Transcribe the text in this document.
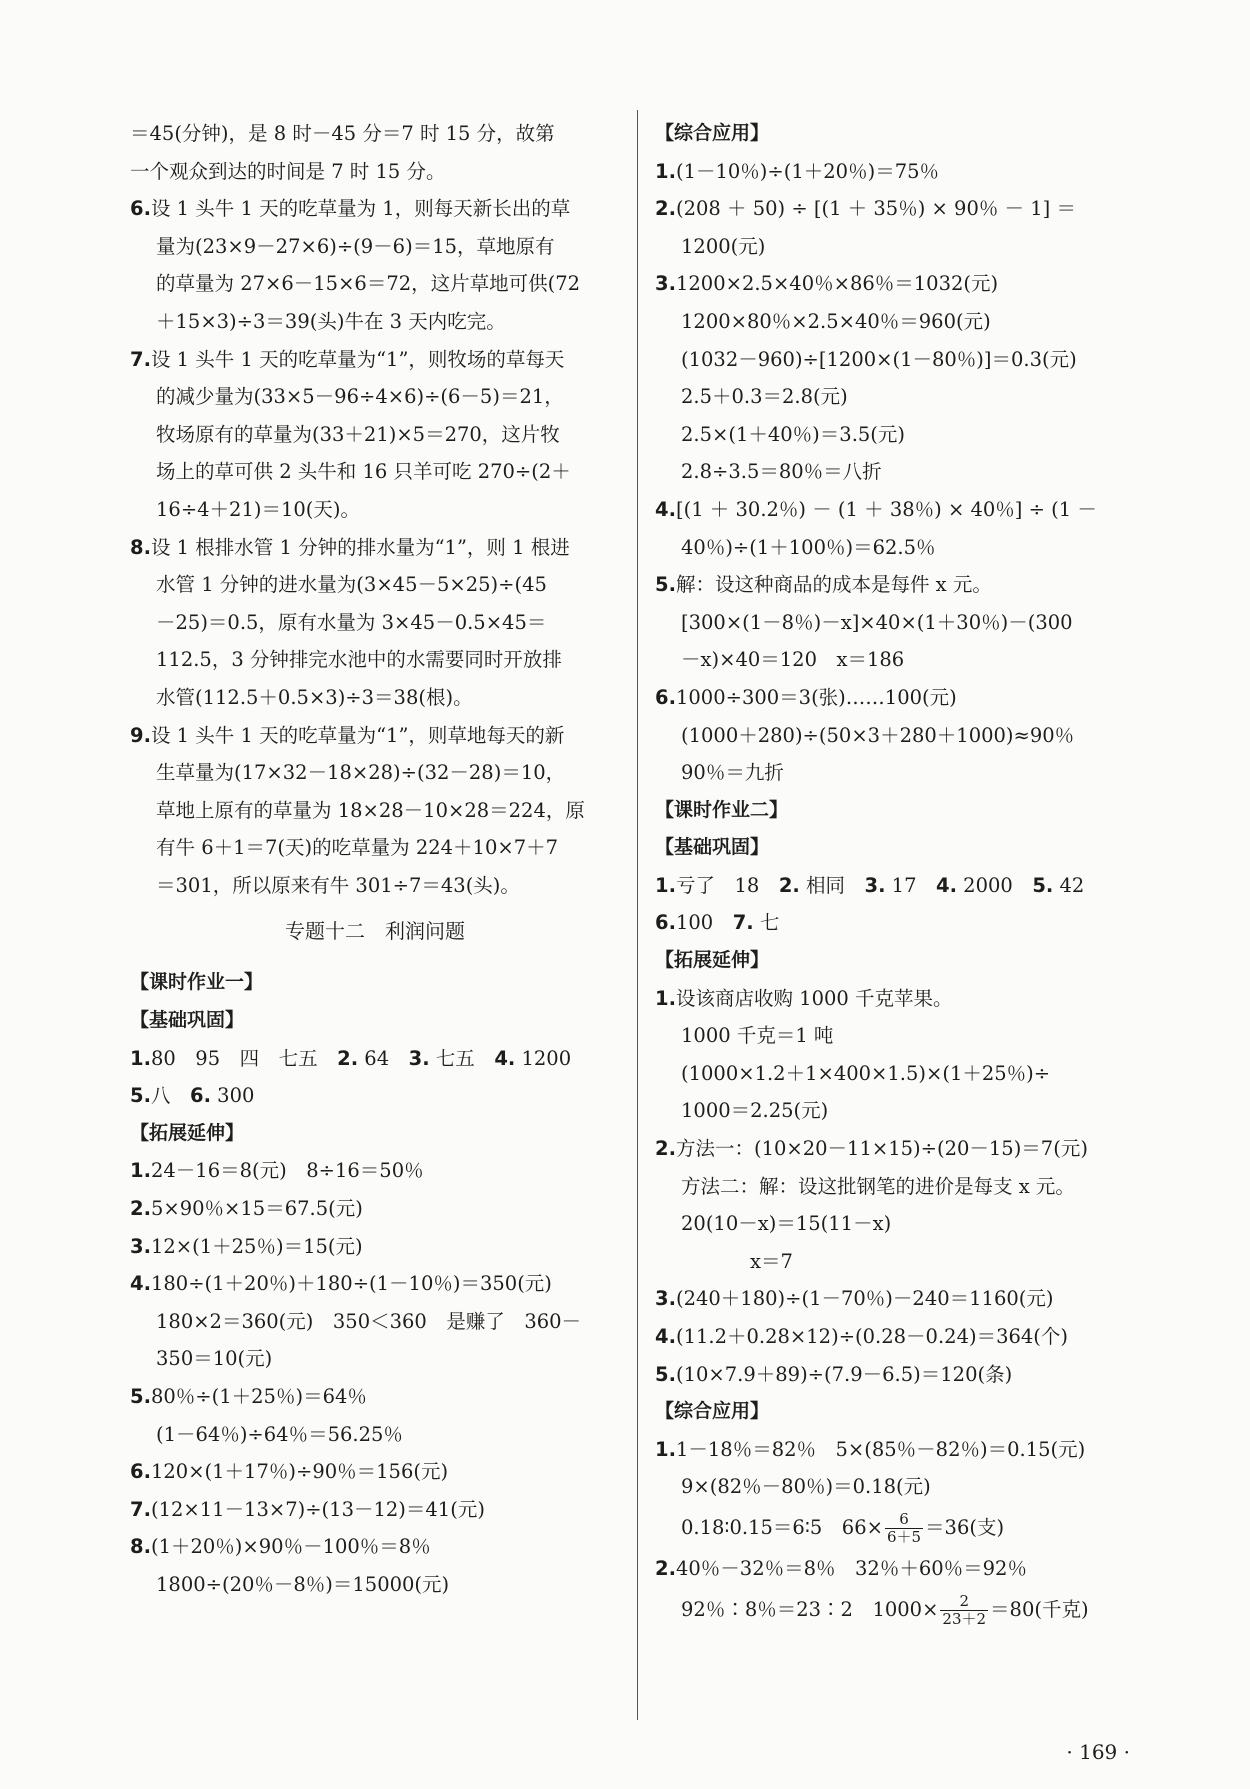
＝45(分钟)，是 8 时－45 分＝7 时 15 分，故第
一个观众到达的时间是 7 时 15 分。
6.设 1 头牛 1 天的吃草量为 1，则每天新长出的草
量为(23×9－27×6)÷(9－6)＝15，草地原有
的草量为 27×6－15×6＝72，这片草地可供(72
＋15×3)÷3＝39(头)牛在 3 天内吃完。
7.设 1 头牛 1 天的吃草量为“1”，则牧场的草每天
的减少量为(33×5－96÷4×6)÷(6－5)＝21，
牧场原有的草量为(33＋21)×5＝270，这片牧
场上的草可供 2 头牛和 16 只羊可吃 270÷(2＋
16÷4＋21)＝10(天)。
8.设 1 根排水管 1 分钟的排水量为“1”，则 1 根进
水管 1 分钟的进水量为(3×45－5×25)÷(45
－25)＝0.5，原有水量为 3×45－0.5×45＝
112.5，3 分钟排完水池中的水需要同时开放排
水管(112.5＋0.5×3)÷3＝38(根)。
9.设 1 头牛 1 天的吃草量为“1”，则草地每天的新
生草量为(17×32－18×28)÷(32－28)＝10，
草地上原有的草量为 18×28－10×28＝224，原
有牛 6＋1＝7(天)的吃草量为 224＋10×7＋7
＝301，所以原来有牛 301÷7＝43(头)。
专题十二　利润问题
【课时作业一】
【基础巩固】
1.80　95　四　七五　2. 64　3. 七五　4. 1200
5.八　6. 300
【拓展延伸】
1.24－16＝8(元)　8÷16＝50％
2.5×90％×15＝67.5(元)
3.12×(1＋25％)＝15(元)
4.180÷(1＋20％)＋180÷(1－10％)＝350(元)
180×2＝360(元)　350＜360　是赚了　360－
350＝10(元)
5.80％÷(1＋25％)＝64％
(1－64％)÷64％＝56.25％
6.120×(1＋17％)÷90％＝156(元)
7.(12×11－13×7)÷(13－12)＝41(元)
8.(1＋20％)×90％－100％＝8％
1800÷(20％－8％)＝15000(元)
【综合应用】
1.(1－10％)÷(1＋20％)＝75％
2.(208 ＋ 50) ÷ [(1 ＋ 35％) × 90％ － 1] ＝
1200(元)
3.1200×2.5×40％×86％＝1032(元)
1200×80％×2.5×40％＝960(元)
(1032－960)÷[1200×(1－80％)]＝0.3(元)
2.5＋0.3＝2.8(元)
2.5×(1＋40％)＝3.5(元)
2.8÷3.5＝80％＝八折
4.[(1 ＋ 30.2％) － (1 ＋ 38％) × 40％] ÷ (1 －
40％)÷(1＋100％)＝62.5％
5.解：设这种商品的成本是每件 x 元。
[300×(1－8％)－x]×40×(1＋30％)－(300
－x)×40＝120　x＝186
6.1000÷300＝3(张)……100(元)
(1000＋280)÷(50×3＋280＋1000)≈90％
90％＝九折
【课时作业二】
【基础巩固】
1.亏了　18　2. 相同　3. 17　4. 2000　5. 42
6.100　7. 七
【拓展延伸】
1.设该商店收购 1000 千克苹果。
1000 千克＝1 吨
(1000×1.2＋1×400×1.5)×(1＋25％)÷
1000＝2.25(元)
2.方法一：(10×20－11×15)÷(20－15)＝7(元)
方法二：解：设这批钢笔的进价是每支 x 元。
20(10－x)＝15(11－x)
x＝7
3.(240＋180)÷(1－70％)－240＝1160(元)
4.(11.2＋0.28×12)÷(0.28－0.24)＝364(个)
5.(10×7.9＋89)÷(7.9－6.5)＝120(条)
【综合应用】
1.1－18％＝82％　5×(85％－82％)＝0.15(元)
9×(82％－80％)＝0.18(元)
0.18∶0.15＝6∶5　$66\times \frac{6}{6+5} =36$(支)
2.40％－32％＝8％　32％＋60％＝92％
92％∶8％＝23∶2　$1000\times \frac{2}{23+2} =80$(千克)
· 169 ·
